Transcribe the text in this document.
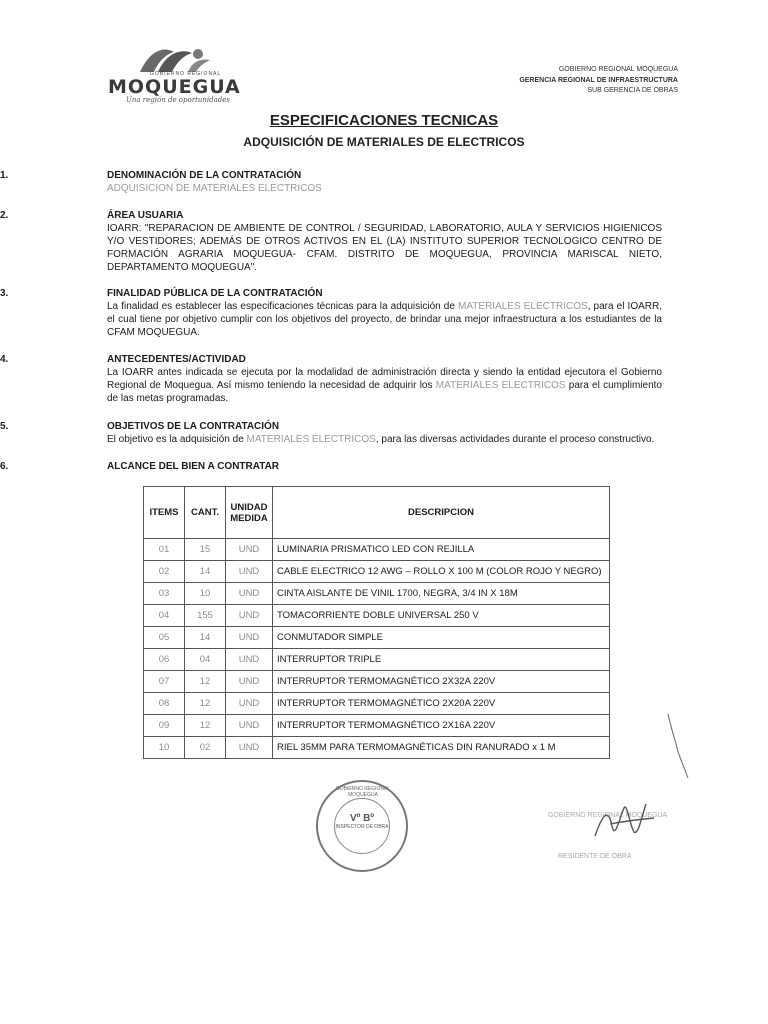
GOBIERNO REGIONAL
MOQUEGUA
Una región de oportunidades
GOBIERNO REGIONAL MOQUEGUA
GERENCIA REGIONAL DE INFRAESTRUCTURA
SUB GERENCIA DE OBRAS
ESPECIFICACIONES TECNICAS
ADQUISICIÓN DE MATERIALES DE ELECTRICOS
1.	DENOMINACIÓN DE LA CONTRATACIÓN
ADQUISICION DE MATERIALES ELECTRICOS
2.	ÁREA USUARIA
IOARR: "REPARACION DE AMBIENTE DE CONTROL / SEGURIDAD, LABORATORIO, AULA Y SERVICIOS HIGIENICOS Y/O VESTIDORES; ADEMÁS DE OTROS ACTIVOS EN EL (LA) INSTITUTO SUPERIOR TECNOLOGICO CENTRO DE FORMACIÓN AGRARIA MOQUEGUA- CFAM. DISTRITO DE MOQUEGUA, PROVINCIA MARISCAL NIETO, DEPARTAMENTO MOQUEGUA".
3.	FINALIDAD PÚBLICA DE LA CONTRATACIÓN
La finalidad es establecer las especificaciones técnicas para la adquisición de MATERIALES ELECTRICOS, para el IOARR, el cual tiene por objetivo cumplir con los objetivos del proyecto, de brindar una mejor infraestructura a los estudiantes de la CFAM MOQUEGUA.
4.	ANTECEDENTES/ACTIVIDAD
La IOARR antes indicada se ejecuta por la modalidad de administración directa y siendo la entidad ejecutora el Gobierno Regional de Moquegua. Así mismo teniendo la necesidad de adquirir los MATERIALES ELECTRICOS para el cumplimiento de las metas programadas.
5.	OBJETIVOS DE LA CONTRATACIÓN
El objetivo es la adquisición de MATERIALES ELECTRICOS, para las diversas actividades durante el proceso constructivo.
6.	ALCANCE DEL BIEN A CONTRATAR
ITEMS	CANT.	UNIDAD MEDIDA	DESCRIPCION
01	15	UND	LUMINARIA PRISMATICO LED CON REJILLA
02	14	UND	CABLE ELECTRICO 12 AWG – ROLLO X 100 M (COLOR ROJO Y NEGRO)
03	10	UND	CINTA AISLANTE DE VINIL 1700, NEGRA, 3/4 IN X 18M
04	155	UND	TOMACORRIENTE DOBLE UNIVERSAL 250 V
05	14	UND	CONMUTADOR SIMPLE
06	04	UND	INTERRUPTOR TRIPLE
07	12	UND	INTERRUPTOR TERMOMAGNÉTICO 2X32A 220V
08	12	UND	INTERRUPTOR TERMOMAGNÉTICO 2X20A 220V
09	12	UND	INTERRUPTOR TERMOMAGNÉTICO 2X16A 220V
10	02	UND	RIEL 35MM PARA TERMOMAGNÉTICAS DIN RANURADO x 1 M
GOBIERNO REGIONAL MOQUEGUA
Vº Bº
INSPECTOR DE OBRA
GOBIERNO REGIONAL MOQUEGUA
RESIDENTE DE OBRA
